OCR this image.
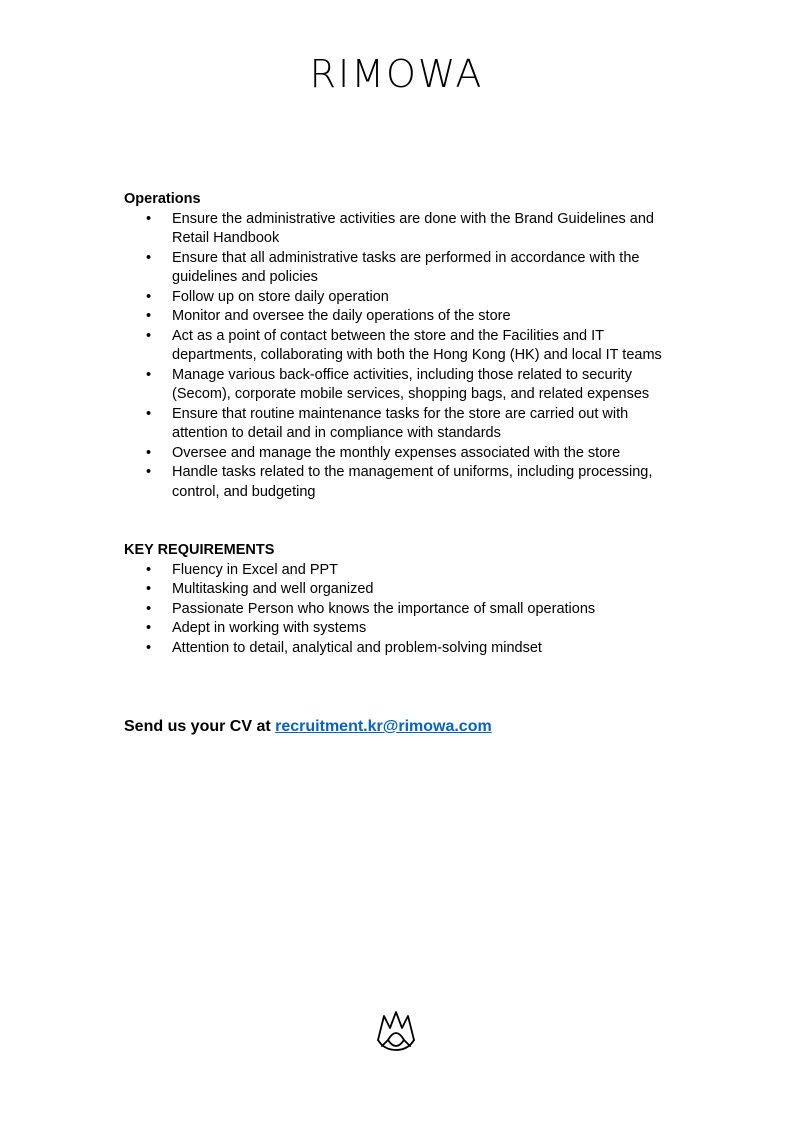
RIMOWA
Operations
• Ensure the administrative activities are done with the Brand Guidelines and Retail Handbook
• Ensure that all administrative tasks are performed in accordance with the guidelines and policies
• Follow up on store daily operation
• Monitor and oversee the daily operations of the store
• Act as a point of contact between the store and the Facilities and IT departments, collaborating with both the Hong Kong (HK) and local IT teams
• Manage various back-office activities, including those related to security (Secom), corporate mobile services, shopping bags, and related expenses
• Ensure that routine maintenance tasks for the store are carried out with attention to detail and in compliance with standards
• Oversee and manage the monthly expenses associated with the store
• Handle tasks related to the management of uniforms, including processing, control, and budgeting
KEY REQUIREMENTS
• Fluency in Excel and PPT
• Multitasking and well organized
• Passionate Person who knows the importance of small operations
• Adept in working with systems
• Attention to detail, analytical and problem-solving mindset
Send us your CV at recruitment.kr@rimowa.com
